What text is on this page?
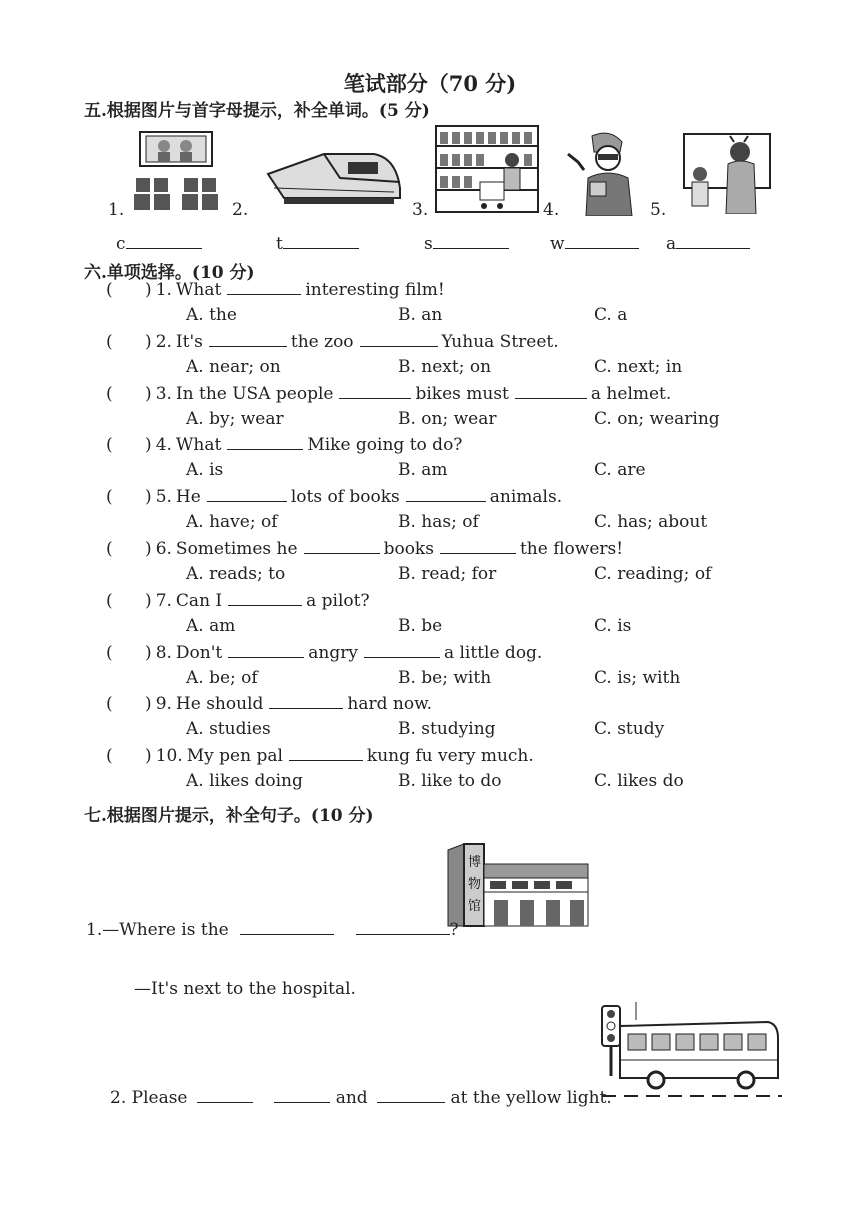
笔试部分（70 分)
五.根据图片与首字母提示，补全单词。(5 分)
1.	2.	3.	4.	5.
c	t	s	w	a
六.单项选择。(10 分)
(      ) 1. What	interesting film!
A. the	B. an	C. a
(      ) 2. It's	the zoo	Yuhua Street.
A. near; on	B. next; on	C. next; in
(      ) 3. In the USA people	bikes must	a helmet.
A. by; wear	B. on; wear	C. on; wearing
(      ) 4. What	Mike going to do?
A. is	B. am	C. are
(      ) 5. He	lots of books	animals.
A. have; of	B. has; of	C. has; about
(      ) 6. Sometimes he	books	the flowers!
A. reads; to	B. read; for	C. reading; of
(      ) 7. Can I	a pilot?
A. am	B. be	C. is
(      ) 8. Don't	angry	a little dog.
A. be; of	B. be; with	C. is; with
(      ) 9. He should	hard now.
A. studies	B. studying	C. study
(      ) 10. My pen pal	kung fu very much.
A. likes doing	B. like to do	C. likes do
七.根据图片提示，补全句子。(10 分)
博
物
馆
1.—Where is the	?
—It's next to the hospital.
2. Please	and	at the yellow light.
